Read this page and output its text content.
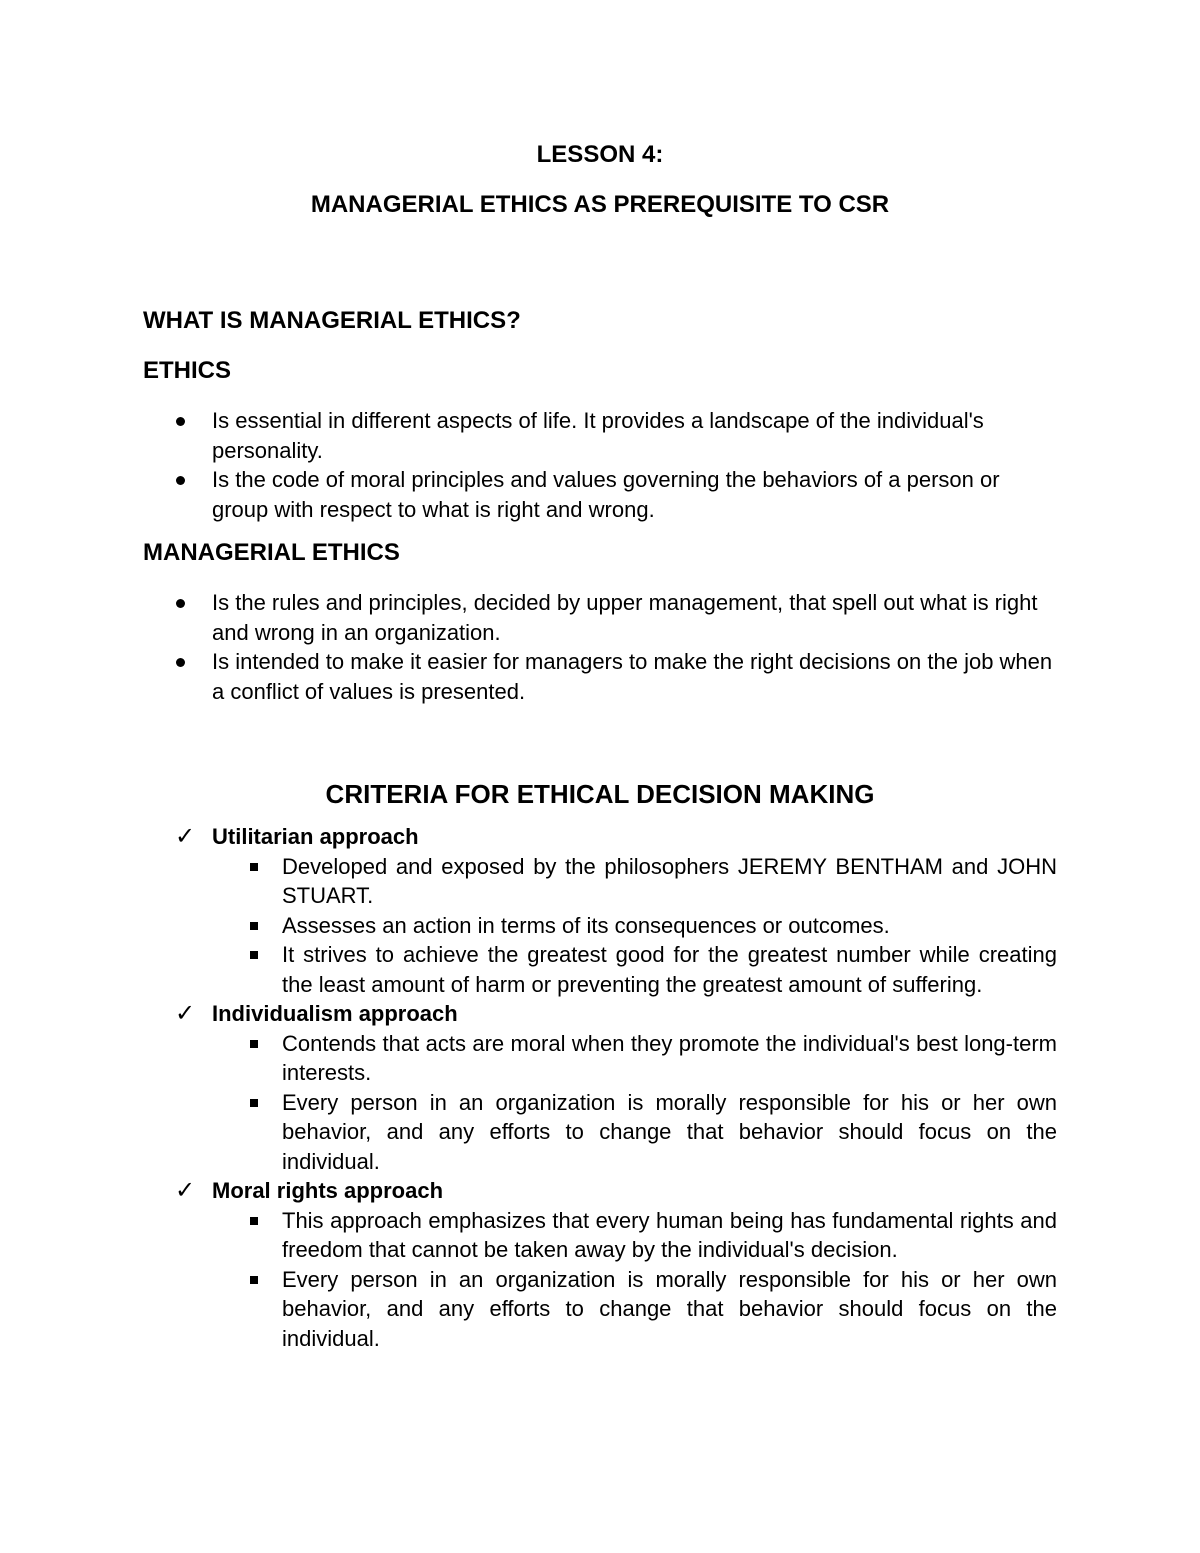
LESSON 4:

MANAGERIAL ETHICS AS PREREQUISITE TO CSR

WHAT IS MANAGERIAL ETHICS?

ETHICS

Is essential in different aspects of life. It provides a landscape of the individual's personality.
Is the code of moral principles and values governing the behaviors of a person or group with respect to what is right and wrong.

MANAGERIAL ETHICS

Is the rules and principles, decided by upper management, that spell out what is right and wrong in an organization.
Is intended to make it easier for managers to make the right decisions on the job when a conflict of values is presented.

CRITERIA FOR ETHICAL DECISION MAKING

✓ Utilitarian approach
Developed and exposed by the philosophers JEREMY BENTHAM and JOHN STUART.
Assesses an action in terms of its consequences or outcomes.
It strives to achieve the greatest good for the greatest number while creating the least amount of harm or preventing the greatest amount of suffering.
✓ Individualism approach
Contends that acts are moral when they promote the individual's best long-term interests.
Every person in an organization is morally responsible for his or her own behavior, and any efforts to change that behavior should focus on the individual.
✓ Moral rights approach
This approach emphasizes that every human being has fundamental rights and freedom that cannot be taken away by the individual's decision.
Every person in an organization is morally responsible for his or her own behavior, and any efforts to change that behavior should focus on the individual.
